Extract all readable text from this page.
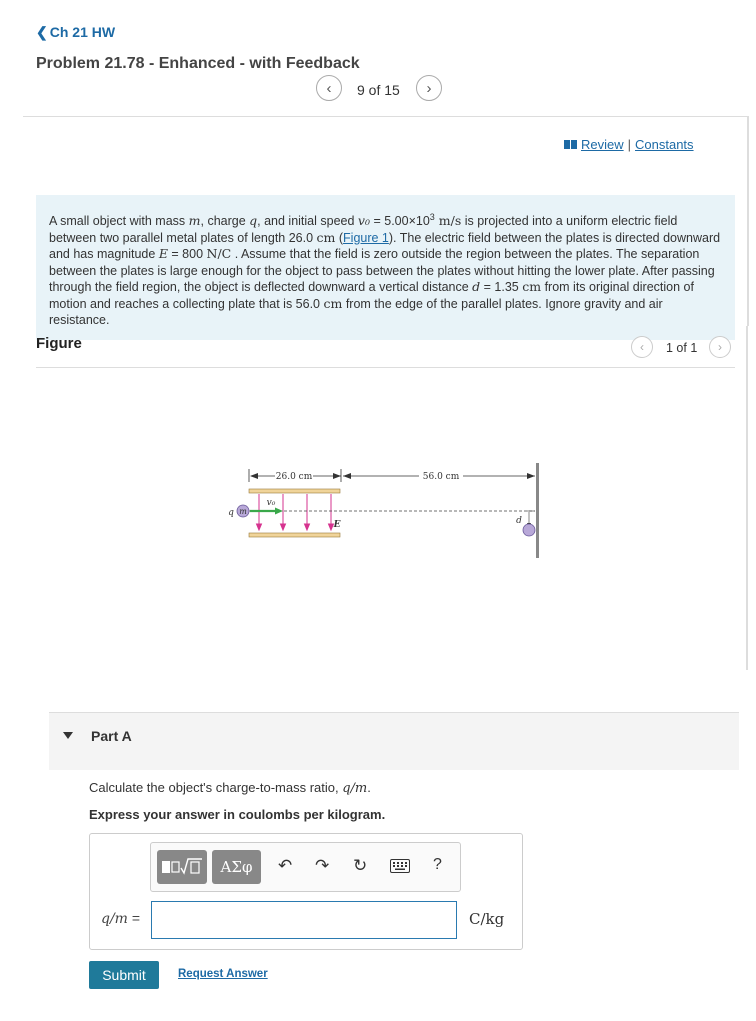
❮ Ch 21 HW
Problem 21.78 - Enhanced - with Feedback
‹ 9 of 15 ›
Review | Constants
A small object with mass m, charge q, and initial speed $v_0 = 5.00\times 10^3$ m/s is projected into a uniform electric field between two parallel metal plates of length 26.0 cm (Figure 1). The electric field between the plates is directed downward and has magnitude E = 800 N/C . Assume that the field is zero outside the region between the plates. The separation between the plates is large enough for the object to pass between the plates without hitting the lower plate. After passing through the field region, the object is deflected downward a vertical distance d = 1.35 cm from its original direction of motion and reaches a collecting plate that is 56.0 cm from the edge of the parallel plates. Ignore gravity and air resistance.
Figure	‹ 1 of 1 ›
26.0 cm	56.0 cm
m
q
v₀
E	d
Part A
Calculate the object's charge-to-mass ratio, q/m.
Express your answer in coulombs per kilogram.
ΑΣφ	↶ ↷ ↻	?
q/m =	C/kg
Submit	Request Answer
